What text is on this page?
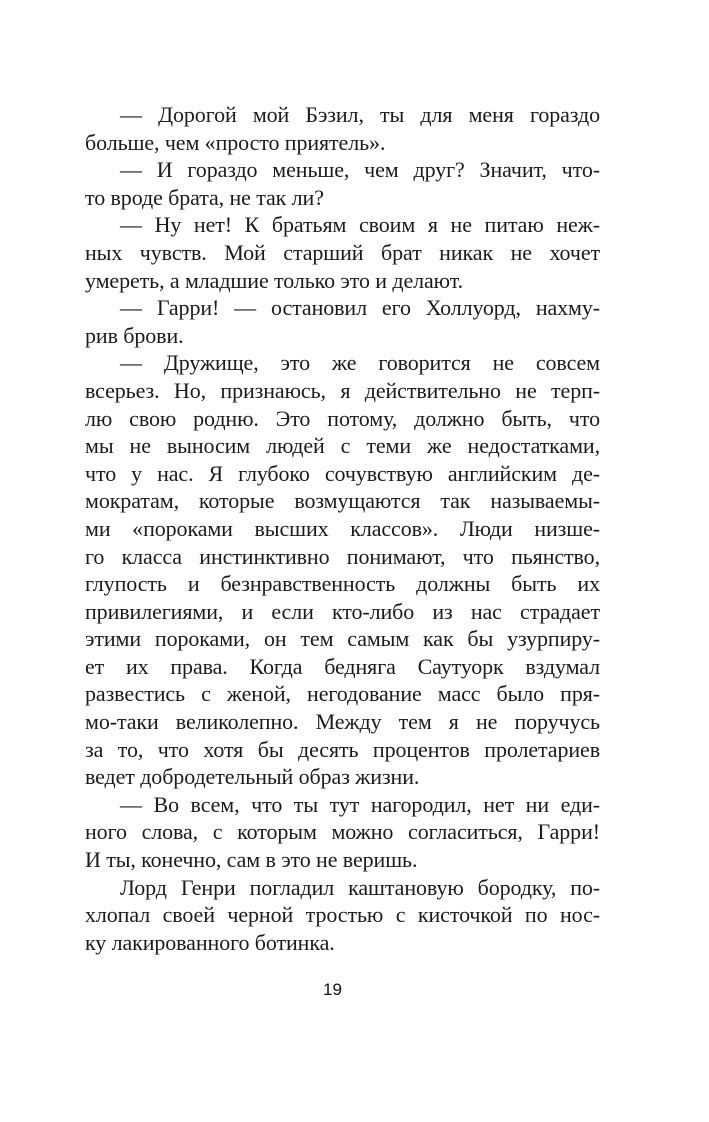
— Дорогой мой Бэзил, ты для меня гораздо
больше, чем «просто приятель».
— И гораздо меньше, чем друг? Значит, что-
то вроде брата, не так ли?
— Ну нет! К братьям своим я не питаю неж-
ных чувств. Мой старший брат никак не хочет
умереть, а младшие только это и делают.
— Гарри! — остановил его Холлуорд, нахму-
рив брови.
— Дружище, это же говорится не совсем
всерьез. Но, признаюсь, я действительно не терп-
лю свою родню. Это потому, должно быть, что
мы не выносим людей с теми же недостатками,
что у нас. Я глубоко сочувствую английским де-
мократам, которые возмущаются так называемы-
ми «пороками высших классов». Люди низше-
го класса инстинктивно понимают, что пьянство,
глупость и безнравственность должны быть их
привилегиями, и если кто-либо из нас страдает
этими пороками, он тем самым как бы узурпиру-
ет их права. Когда бедняга Саутуорк вздумал
развестись с женой, негодование масс было пря-
мо-таки великолепно. Между тем я не поручусь
за то, что хотя бы десять процентов пролетариев
ведет добродетельный образ жизни.
— Во всем, что ты тут нагородил, нет ни еди-
ного слова, с которым можно согласиться, Гарри!
И ты, конечно, сам в это не веришь.
Лорд Генри погладил каштановую бородку, по-
хлопал своей черной тростью с кисточкой по нос-
ку лакированного ботинка.
19
